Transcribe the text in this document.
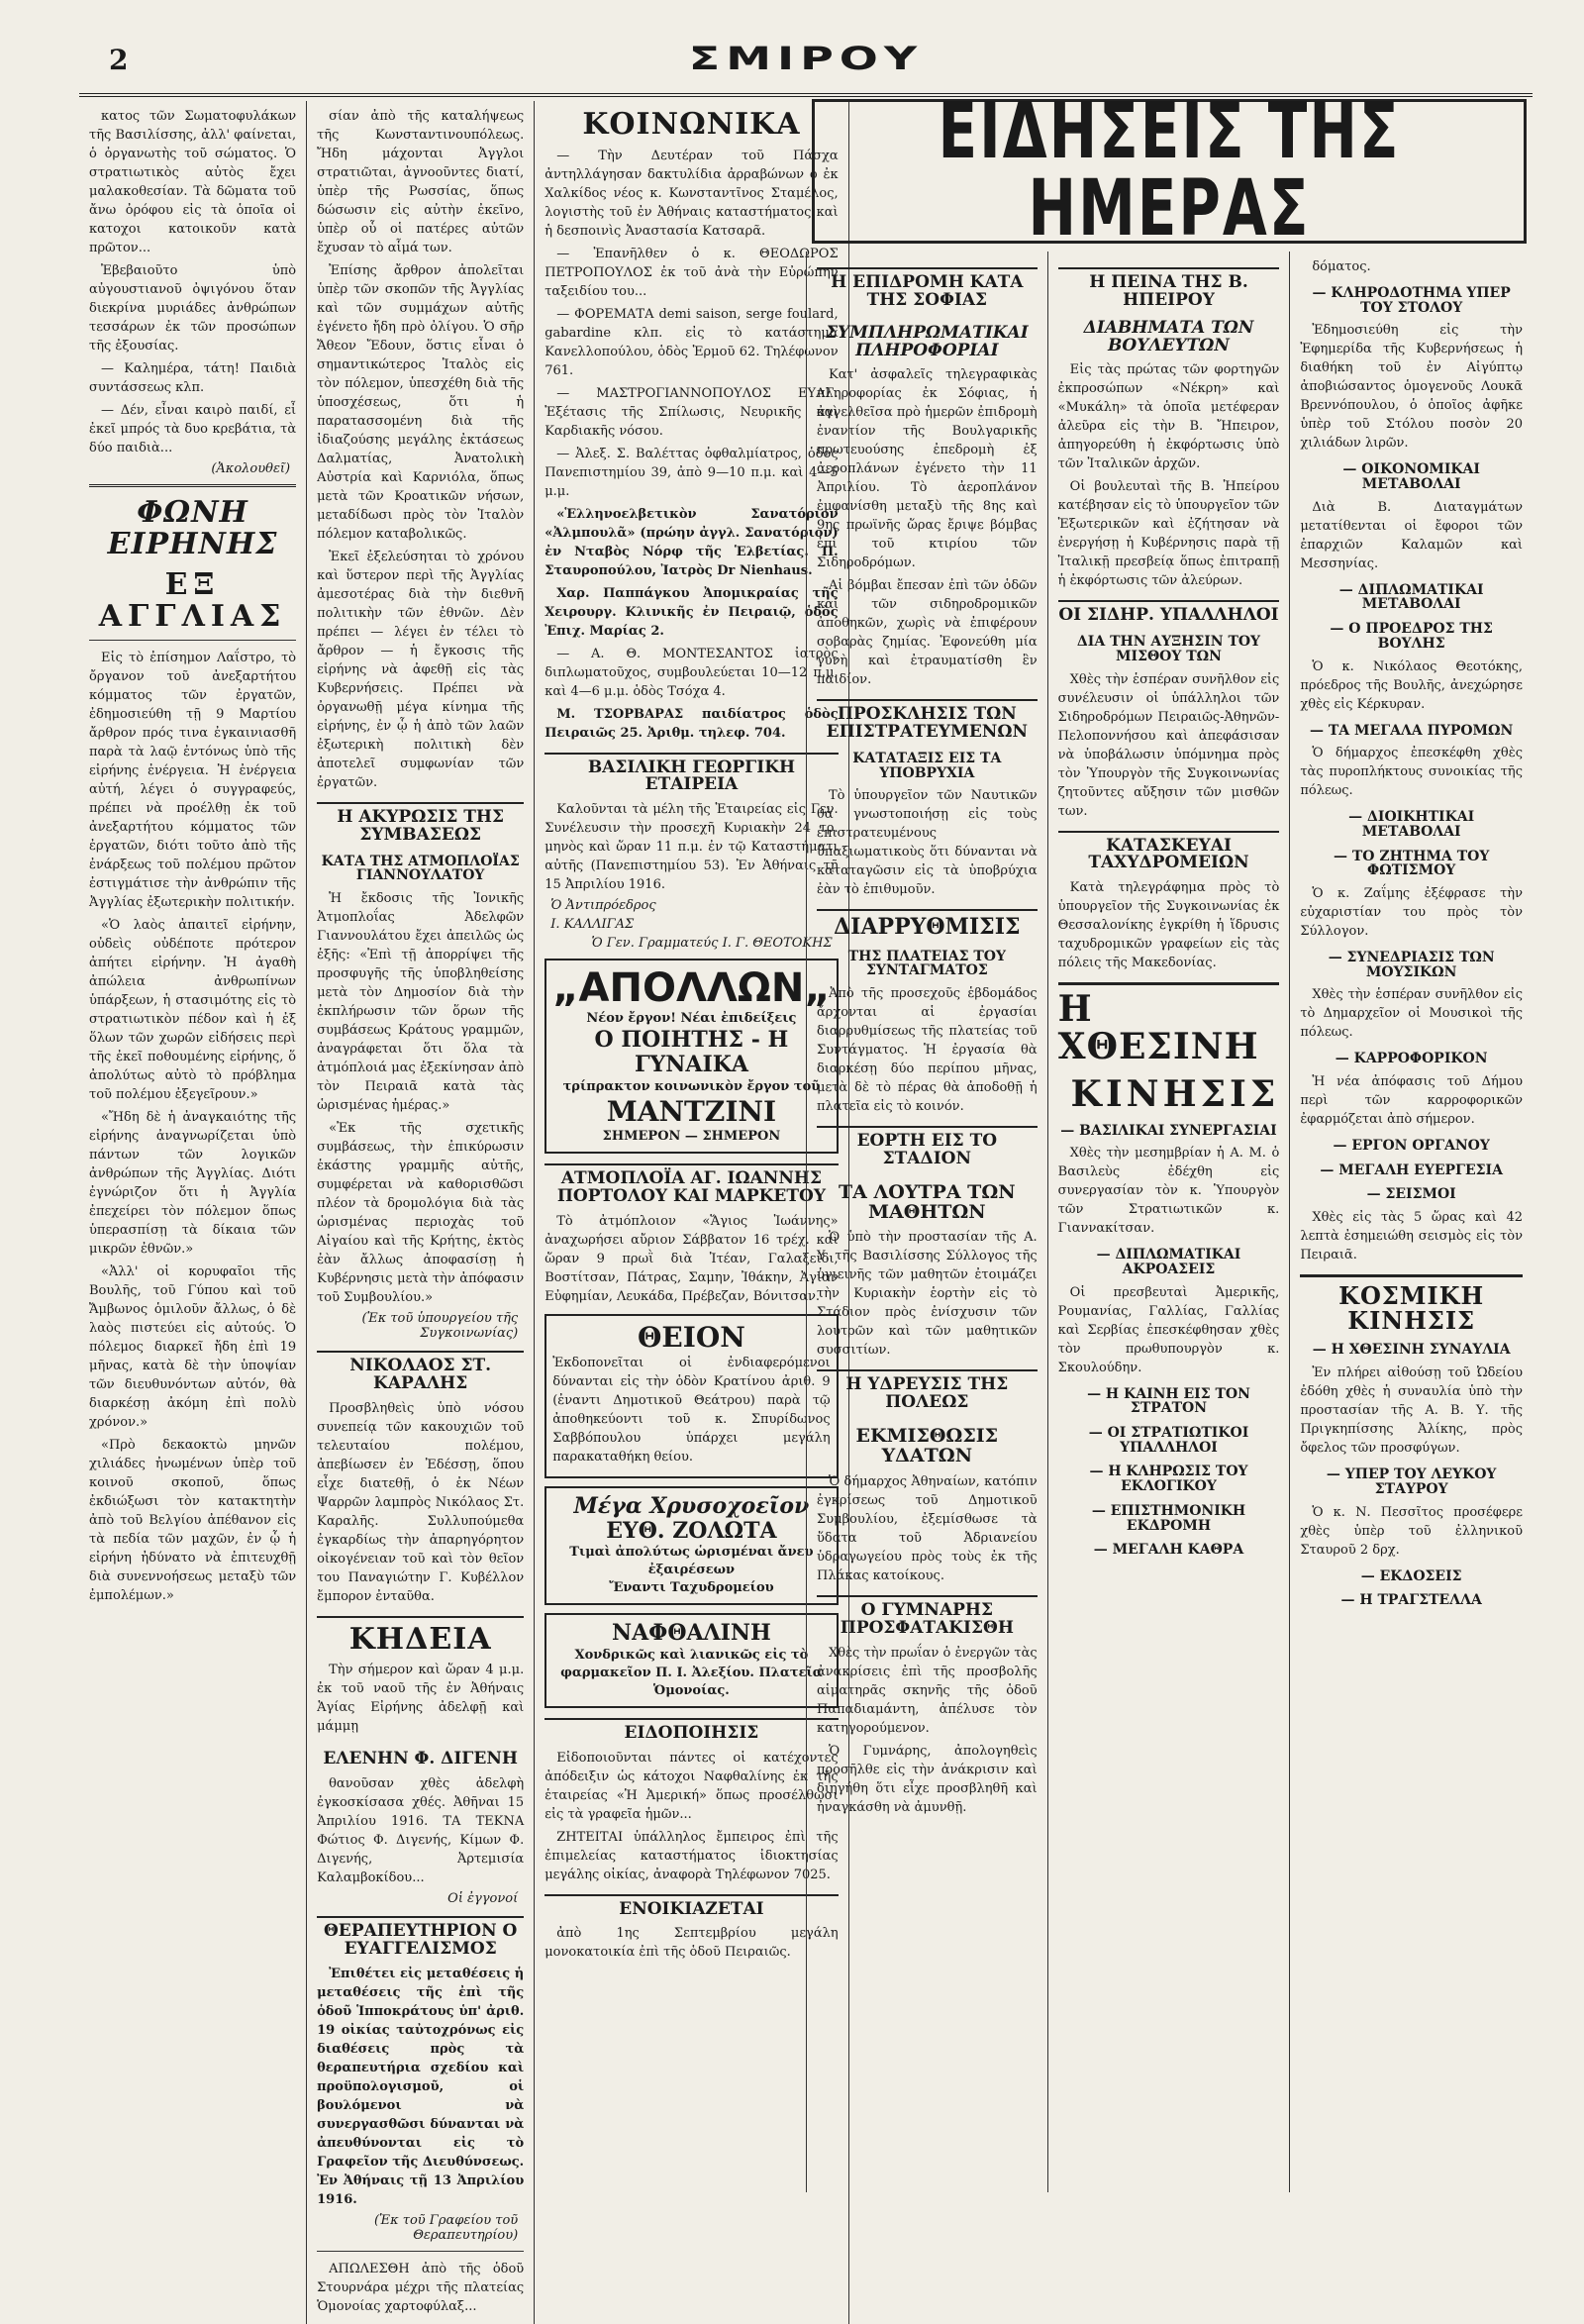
2	ΣΜΙΡΟΥ

κατος τῶν Σωματοφυλάκων τῆς Βασιλίσσης, ἀλλ' φαίνεται, ὁ ὀργανωτὴς τοῦ σώματος. Ὁ στρατιωτικὸς αὐτὸς ἔχει μαλακοθεσίαν. Τὰ δῶματα τοῦ ἄνω ὀρόφου εἰς τὰ ὁποῖα οἱ κατοχοι κατοικοῦν κατὰ πρῶτον...

Ἐβεβαιοῦτο ὑπὸ αὐγουστιανοῦ ὀψιγόνου ὅταν διεκρίνα μυριάδες ἀνθρώπων τεσσάρων ἐκ τῶν προσώπων τῆς ἐξουσίας.

— Καλημέρα, τάτη! Παιδιὰ συντάσσεως κλπ.

— Δέν, εἶναι καιρὸ παιδί, εἶ ἐκεῖ μπρός τὰ δυο κρεβάτια, τὰ δύο παιδιὰ...

(Ἀκολουθεῖ)
ΦΩΝΗ ΕΙΡΗΝΗΣ
ΕΞ ΑΓΓΛΙΑΣ

Εἰς τὸ ἐπίσημον Λαΐστρο, τὸ ὄργανον τοῦ ἀνεξαρτήτου κόμματος τῶν ἐργατῶν, ἐδημοσιεύθη τῇ 9 Μαρτίου ἄρθρον πρός τινα ἐγκαινιασθῆ παρὰ τὰ λαῷ ἐντόνως ὑπὸ τῆς εἰρήνης ἐνέργεια. Ἡ ἐνέργεια αὐτή, λέγει ὁ συγγραφεύς, πρέπει νὰ προέλθῃ ἐκ τοῦ ἀνεξαρτήτου κόμματος τῶν ἐργατῶν, διότι τοῦτο ἀπὸ τῆς ἐνάρξεως τοῦ πολέμου πρῶτον ἐστιγμάτισε τὴν ἀνθρώπιν τῆς Ἀγγλίας ἐξωτερικὴν πολιτικήν.

«Ὁ λαὸς ἀπαιτεῖ εἰρήνην, οὐδεὶς οὐδέποτε πρότερον ἀπήτει εἰρήνην. Ἡ ἀγαθὴ ἀπώλεια ἀνθρωπίνων ὑπάρξεων, ἡ στασιμότης εἰς τὸ στρατιωτικὸν πέδον καὶ ἡ ἐξ ὅλων τῶν χωρῶν εἰδήσεις περὶ τῆς ἐκεῖ ποθουμένης εἰρήνης, ὅ ἀπολύτως αὐτὸ τὸ πρόβλημα τοῦ πολέμου ἐξεγεῖρουν.»

«Ἤδη δὲ ἡ ἀναγκαιότης τῆς εἰρήνης ἀναγνωρίζεται ὑπὸ πάντων τῶν λογικῶν ἀνθρώπων τῆς Ἀγγλίας. Διότι ἐγνώριζον ὅτι ἡ Ἀγγλία ἐπεχείρει τὸν πόλεμον ὅπως ὑπερασπίσῃ τὰ δίκαια τῶν μικρῶν ἐθνῶν.»

«Ἀλλ' οἱ κορυφαῖοι τῆς Βουλῆς, τοῦ Γύπου καὶ τοῦ Ἄμβωνος ὁμιλοῦν ἄλλως, ὁ δὲ λαὸς πιστεύει εἰς αὐτούς. Ὁ πόλεμος διαρκεῖ ἤδη ἐπὶ 19 μῆνας, κατὰ δὲ τὴν ὑποψίαν τῶν διευθυνόντων αὐτόν, θὰ διαρκέσῃ ἀκόμη ἐπὶ πολὺ χρόνον.»

«Πρὸ δεκαοκτὼ μηνῶν χιλιάδες ἠνωμένων ὑπὲρ τοῦ κοινοῦ σκοποῦ, ὅπως ἐκδιώξωσι τὸν κατακτητὴν ἀπὸ τοῦ Βελγίου ἀπέθανον εἰς τὰ πεδία τῶν μαχῶν, ἐν ᾧ ἡ εἰρήνη ἠδύνατο νὰ ἐπιτευχθῇ διὰ συνεννοήσεως μεταξὺ τῶν ἐμπολέμων.»

σίαν ἀπὸ τῆς καταλήψεως τῆς Κωνσταντινουπόλεως. Ἤδη μάχονται Ἀγγλοι στρατιῶται, ἀγνοοῦντες διατί, ὑπὲρ τῆς Ρωσσίας, ὅπως δώσωσιν εἰς αὐτὴν ἐκεῖνο, ὑπὲρ οὗ οἱ πατέρες αὐτῶν ἔχυσαν τὸ αἷμά των.

Ἐπίσης ἄρθρον ἀπολεῖται ὑπὲρ τῶν σκοπῶν τῆς Ἀγγλίας καὶ τῶν συμμάχων αὐτῆς ἐγένετο ἤδη πρὸ ὀλίγου. Ὁ σῆρ Ἄθεον Ἔδουν, ὅστις εἶναι ὁ σημαντικώτερος Ἰταλὸς εἰς τὸν πόλεμον, ὑπεσχέθη διὰ τῆς ὑποσχέσεως, ὅτι ἡ παρατασσομένη διὰ τῆς ἰδιαζούσης μεγάλης ἐκτάσεως Δαλματίας, Ἀνατολικὴ Αὐστρία καὶ Καρνιόλα, ὅπως μετὰ τῶν Κροατικῶν νήσων, μεταδίδωσι πρὸς τὸν Ἰταλὸν πόλεμον καταβολικῶς.

Ἐκεῖ ἐξελεύσηται τὸ χρόνου καὶ ὕστερον περὶ τῆς Ἀγγλίας ἀμεσοτέρας διὰ τὴν διεθνῆ πολιτικὴν τῶν ἐθνῶν. Δὲν πρέπει — λέγει ἐν τέλει τὸ ἄρθρον — ἡ ἔγκοσις τῆς εἰρήνης νὰ ἀφεθῇ εἰς τὰς Κυβερνήσεις. Πρέπει νὰ ὀργανωθῇ μέγα κίνημα τῆς εἰρήνης, ἐν ᾧ ἡ ἀπὸ τῶν λαῶν ἐξωτερικὴ πολιτικὴ δὲν ἀποτελεῖ συμφωνίαν τῶν ἐργατῶν.

Η ΑΚΥΡΩΣΙΣ ΤΗΣ ΣΥΜΒΑΣΕΩΣ
ΚΑΤΑ ΤΗΣ ΑΤΜΟΠΛΟΪΑΣ ΓΙΑΝΝΟΥΛΑΤΟΥ

Ἡ ἔκδοσις τῆς Ἰονικῆς Ἀτμοπλοΐας Ἀδελφῶν Γιαννουλάτου ἔχει ἀπειλῶς ὡς ἑξῆς: «Ἐπὶ τῇ ἀπορρίψει τῆς προσφυγῆς τῆς ὑποβληθείσης μετὰ τὸν Δημοσίον διὰ τὴν ἐκπλήρωσιν τῶν ὅρων τῆς συμβάσεως Κράτους γραμμῶν, ἀναγράφεται ὅτι ὅλα τὰ ἀτμόπλοιά μας ἐξεκίνησαν ἀπὸ τὸν Πειραιᾶ κατὰ τὰς ὡρισμένας ἡμέρας.»

«Ἐκ τῆς σχετικῆς συμβάσεως, τὴν ἐπικύρωσιν ἑκάστης γραμμῆς αὐτῆς, συμφέρεται νὰ καθορισθῶσι πλέον τὰ δρομολόγια διὰ τὰς ὡρισμένας περιοχὰς τοῦ Αἰγαίου καὶ τῆς Κρήτης, ἐκτὸς ἐὰν ἄλλως ἀποφασίσῃ ἡ Κυβέρνησις μετὰ τὴν ἀπόφασιν τοῦ Συμβουλίου.»

(Ἐκ τοῦ ὑπουργείου τῆς Συγκοινωνίας)
ΝΙΚΟΛΑΟΣ ΣΤ. ΚΑΡΑΛΗΣ

Προσβληθεὶς ὑπὸ νόσου συνεπείᾳ τῶν κακουχιῶν τοῦ τελευταίου πολέμου, ἀπεβίωσεν ἐν Ἐδέσσῃ, ὅπου εἶχε διατεθῇ, ὁ ἐκ Νέων Ψαρρῶν λαμπρὸς Νικόλαος Στ. Καραλῆς. Συλλυπούμεθα ἐγκαρδίως τὴν ἀπαρηγόρητον οἰκογένειαν τοῦ καὶ τὸν θεῖον του Παναγιώτην Γ. Κυβέλλον ἔμπορον ἐνταῦθα.

ΚΗΔΕΙΑ

Τὴν σήμερον καὶ ὥραν 4 μ.μ. ἐκ τοῦ ναοῦ τῆς ἐν Ἀθήναις Ἁγίας Εἰρήνης ἀδελφῇ καὶ μάμμῃ

ΕΛΕΝΗΝ Φ. ΔΙΓΕΝΗ

θανοῦσαν χθὲς ἀδελφὴ ἐγκοσκίσασα χθές. Ἀθῆναι 15 Ἀπριλίου 1916. ΤΑ ΤΕΚΝΑ Φώτιος Φ. Διγενής, Κίμων Φ. Διγενής, Ἀρτεμισία Καλαμβοκίδου...

Οἱ ἐγγονοί
ΘΕΡΑΠΕΥΤΗΡΙΟΝ Ο ΕΥΑΓΓΕΛΙΣΜΟΣ

Ἐπιθέτει εἰς μεταθέσεις ἡ μεταθέσεις τῆς ἐπὶ τῆς ὁδοῦ Ἱπποκράτους ὑπ' ἀριθ. 19 οἰκίας ταὐτοχρόνως εἰς διαθέσεις πρὸς τὰ θεραπευτήρια σχεδίου καὶ προϋπολογισμοῦ, οἱ βουλόμενοι νὰ συνεργασθῶσι δύνανται νὰ ἀπευθύνονται εἰς τὸ Γραφεῖον τῆς Διευθύνσεως. Ἐν Ἀθήναις τῇ 13 Ἀπριλίου 1916.

(Ἐκ τοῦ Γραφείου τοῦ Θεραπευτηρίου)

ΑΠΩΛΕΣΘΗ ἀπὸ τῆς ὁδοῦ Στουρνάρα μέχρι τῆς πλατείας Ὁμονοίας χαρτοφύλαξ...

ΚΟΙΝΩΝΙΚΑ

— Τὴν Δευτέραν τοῦ Πάσχα ἀντηλλάγησαν δακτυλίδια ἀρραβώνων ὁ ἐκ Χαλκίδος νέος κ. Κωνσταντῖνος Σταμέλος, λογιστὴς τοῦ ἐν Ἀθήναις καταστήματος καὶ ἡ δεσποινὶς Ἀναστασία Κατσαρᾶ.

— Ἐπανῆλθεν ὁ κ. ΘΕΟΔΩΡΟΣ ΠΕΤΡΟΠΟΥΛΟΣ ἐκ τοῦ ἀνὰ τὴν Εὐρώπην ταξειδίου του...

— ΦΟΡΕΜΑΤΑ demi saison, serge foulard, gabardine κλπ. εἰς τὸ κατάστημα Κανελλοπούλου, ὁδὸς Ἑρμοῦ 62. Τηλέφωνον 761.

— ΜΑΣΤΡΟΓΙΑΝΝΟΠΟΥΛΟΣ ΕΥΑΓ. Ἐξέτασις τῆς Σπίλωσις, Νευρικῆς καὶ Καρδιακῆς νόσου.

— Ἀλεξ. Σ. Βαλέττας ὀφθαλμίατρος, ὁδὸς Πανεπιστημίου 39, ἀπὸ 9—10 π.μ. καὶ 4—5 μ.μ.

«Ἑλληνοελβετικὸν Σανατόριον «Ἀλμπουλᾶ» (πρώην ἀγγλ. Σανατόριον) ἐν Νταβὸς Νόρφ τῆς Ἑλβετίας. Π. Σταυροπούλου, Ἰατρὸς Dr Nienhaus.

Χαρ. Παππάγκου Ἀπομικραίας τῆς Χειρουργ. Κλινικῆς ἐν Πειραιῷ, ὁδὸς Ἐπιχ. Μαρίας 2.

— Α. Θ. ΜΟΝΤΕΣΑΝΤΟΣ ἰατρὸς διπλωματοῦχος, συμβουλεύεται 10—12 π.μ. καὶ 4—6 μ.μ. ὁδὸς Τσόχα 4.

Μ. ΤΣΟΡΒΑΡΑΣ παιδίατρος ὁδὸς Πειραιῶς 25. Ἀριθμ. τηλεφ. 704.

ΒΑΣΙΛΙΚΗ ΓΕΩΡΓΙΚΗ ΕΤΑΙΡΕΙΑ

Καλοῦνται τὰ μέλη τῆς Ἑταιρείας εἰς Γεν. Συνέλευσιν τὴν προσεχῆ Κυριακὴν 24 τρ. μηνὸς καὶ ὥραν 11 π.μ. ἐν τῷ Καταστήματι αὐτῆς (Πανεπιστημίου 53). Ἐν Ἀθήναις τῇ 15 Ἀπριλίου 1916.

Ὁ Ἀντιπρόεδρος
Ι. ΚΑΛΛΙΓΑΣ
Ὁ Γεν. Γραμματεύς Ι. Γ. ΘΕΟΤΟΚΗΣ
„ΑΠΟΛΛΩΝ„
Νέον ἔργον! Νέαι ἐπιδείξεις
Ο ΠΟΙΗΤΗΣ - Η ΓΥΝΑΙΚΑ
τρίπρακτον κοινωνικὸν ἔργον τοῦ
ΜΑΝΤΖΙΝΙ
ΣΗΜΕΡΟΝ — ΣΗΜΕΡΟΝ
ΑΤΜΟΠΛΟΪΑ ΑΓ. ΙΩΑΝΝΗΣ ΠΟΡΤΟΛΟΥ ΚΑΙ ΜΑΡΚΕΤΟΥ

Τὸ ἀτμόπλοιον «Ἅγιος Ἰωάννης» ἀναχωρήσει αὔριον Σάββατον 16 τρέχ. καὶ ὥραν 9 πρωῒ διὰ Ἰτέαν, Γαλαξείδι, Βοστίτσαν, Πάτρας, Σαμην, Ἰθάκην, Ἀγίαν Εὐφημίαν, Λευκάδα, Πρέβεζαν, Βόνιτσαν.

ΘΕΙΟΝ

Ἐκδοπονεῖται οἱ ἐνδιαφερόμενοι δύνανται εἰς τὴν ὁδὸν Κρατίνου ἀριθ. 9 (ἐναντι Δημοτικοῦ Θεάτρου) παρὰ τῷ ἀποθηκεύοντι τοῦ κ. Σπυρίδωνος Σαββόπουλου ὑπάρχει μεγάλη παρακαταθήκη θείου.

Μέγα Χρυσοχοεῖον
ΕΥΘ. ΖΟΛΩΤΑ
Τιμαὶ ἀπολύτως ὡρισμέναι ἄνευ ἐξαιρέσεων
Ἔναντι Ταχυδρομείου
ΝΑΦΘΑΛΙΝΗ
Χονδρικῶς καὶ λιανικῶς εἰς τὸ φαρμακεῖον Π. Ι. Ἀλεξίου. Πλατεῖα Ὁμονοίας.
ΕΙΔΟΠΟΙΗΣΙΣ

Εἰδοποιοῦνται πάντες οἱ κατέχοντες ἀπόδειξιν ὡς κάτοχοι Ναφθαλίνης ἐκ τῆς ἑταιρείας «Ἡ Ἀμερική» ὅπως προσέλθωσι εἰς τὰ γραφεῖα ἡμῶν...

ΖΗΤΕΙΤΑΙ ὑπάλληλος ἔμπειρος ἐπὶ τῆς ἐπιμελείας καταστήματος ἰδιοκτησίας μεγάλης οἰκίας, ἀναφορὰ Τηλέφωνον 7025.

ΕΝΟΙΚΙΑΖΕΤΑΙ

ἀπὸ 1ης Σεπτεμβρίου μεγάλη μονοκατοικία ἐπὶ τῆς ὁδοῦ Πειραιῶς.

ΕΙΔΗΣΕΙΣ ΤΗΣ ΗΜΕΡΑΣ
Η ΕΠΙΔΡΟΜΗ ΚΑΤΑ ΤΗΣ ΣΟΦΙΑΣ
ΣΥΜΠΛΗΡΩΜΑΤΙΚΑΙ ΠΛΗΡΟΦΟΡΙΑΙ

Κατ' ἀσφαλεῖς τηλεγραφικὰς πληροφορίας ἐκ Σόφιας, ἡ ἀγγελθεῖσα πρὸ ἡμερῶν ἐπιδρομὴ ἐναντίον τῆς Βουλγαρικῆς πρωτευούσης ἐπεδρομὴ ἐξ ἀεροπλάνων ἐγένετο τὴν 11 Ἀπριλίου. Τὸ ἀεροπλάνον ἐμφανίσθη μεταξὺ τῆς 8ης καὶ 9ης πρωϊνῆς ὥρας ἔριψε βόμβας ἐπὶ τοῦ κτιρίου τῶν Σιδηροδρόμων.

Αἱ βόμβαι ἔπεσαν ἐπὶ τῶν ὁδῶν καὶ τῶν σιδηροδρομικῶν ἀποθηκῶν, χωρὶς νὰ ἐπιφέρουν σοβαρὰς ζημίας. Ἐφονεύθη μία γυνὴ καὶ ἐτραυματίσθη ἓν παιδίον.

ΠΡΟΣΚΛΗΣΙΣ ΤΩΝ ΕΠΙΣΤΡΑΤΕΥΜΕΝΩΝ
ΚΑΤΑΤΑΞΙΣ ΕΙΣ ΤΑ ΥΠΟΒΡΥΧΙΑ

Τὸ ὑπουργεῖον τῶν Ναυτικῶν θὰ γνωστοποιήσῃ εἰς τοὺς ἐπιστρατευμένους ὑπαξιωματικοὺς ὅτι δύνανται νὰ καταταγῶσιν εἰς τὰ ὑποβρύχια ἐὰν τὸ ἐπιθυμοῦν.

ΔΙΑΡΡΥΘΜΙΣΙΣ
ΤΗΣ ΠΛΑΤΕΙΑΣ ΤΟΥ ΣΥΝΤΑΓΜΑΤΟΣ

Ἀπὸ τῆς προσεχοῦς ἑβδομάδος ἄρχονται αἱ ἐργασίαι διαρρυθμίσεως τῆς πλατείας τοῦ Συντάγματος. Ἡ ἐργασία θὰ διαρκέσῃ δύο περίπου μῆνας, μετὰ δὲ τὸ πέρας θὰ ἀποδοθῇ ἡ πλατεῖα εἰς τὸ κοινόν.

ΕΟΡΤΗ ΕΙΣ ΤΟ ΣΤΑΔΙΟΝ
ΤΑ ΛΟΥΤΡΑ ΤΩΝ ΜΑΘΗΤΩΝ

Ὁ ὑπὸ τὴν προστασίαν τῆς Α. Υ. τῆς Βασιλίσσης Σύλλογος τῆς ὑγιεινῆς τῶν μαθητῶν ἐτοιμάζει τὴν Κυριακὴν ἑορτὴν εἰς τὸ Στάδιον πρὸς ἐνίσχυσιν τῶν λουτρῶν καὶ τῶν μαθητικῶν συσσιτίων.

Η ΥΔΡΕΥΣΙΣ ΤΗΣ ΠΟΛΕΩΣ
ΕΚΜΙΣΘΩΣΙΣ ΥΔΑΤΩΝ

Ὁ δήμαρχος Ἀθηναίων, κατόπιν ἐγκρίσεως τοῦ Δημοτικοῦ Συμβουλίου, ἐξεμίσθωσε τὰ ὕδατα τοῦ Ἀδριανείου ὑδραγωγείου πρὸς τοὺς ἐκ τῆς Πλάκας κατοίκους.

Ο ΓΥΜΝΑΡΗΣ ΠΡΟΣΦΑΤΑΚΙΣΘΗ

Χθὲς τὴν πρωΐαν ὁ ἐνεργῶν τὰς ἀνακρίσεις ἐπὶ τῆς προσβολῆς αἱματηρᾶς σκηνῆς τῆς ὁδοῦ Παπαδιαμάντη, ἀπέλυσε τὸν κατηγορούμενον.

Ὁ Γυμνάρης, ἀπολογηθεὶς προσῆλθε εἰς τὴν ἀνάκρισιν καὶ διηγήθη ὅτι εἶχε προσβληθῆ καὶ ἠναγκάσθη νὰ ἀμυνθῇ.

Η ΠΕΙΝΑ ΤΗΣ Β. ΗΠΕΙΡΟΥ
ΔΙΑΒΗΜΑΤΑ ΤΩΝ ΒΟΥΛΕΥΤΩΝ

Εἰς τὰς πρώτας τῶν φορτηγῶν ἐκπροσώπων «Νέκρη» καὶ «Μυκάλη» τὰ ὁποῖα μετέφεραν ἀλεῦρα εἰς τὴν Β. Ἤπειρον, ἀπηγορεύθη ἡ ἐκφόρτωσις ὑπὸ τῶν Ἰταλικῶν ἀρχῶν.

Οἱ βουλευταὶ τῆς Β. Ἠπείρου κατέβησαν εἰς τὸ ὑπουργεῖον τῶν Ἐξωτερικῶν καὶ ἐζήτησαν νὰ ἐνεργήσῃ ἡ Κυβέρνησις παρὰ τῇ Ἰταλικῇ πρεσβείᾳ ὅπως ἐπιτραπῇ ἡ ἐκφόρτωσις τῶν ἀλεύρων.

ΟΙ ΣΙΔΗΡ. ΥΠΑΛΛΗΛΟΙ
ΔΙΑ ΤΗΝ ΑΥΞΗΣΙΝ ΤΟΥ ΜΙΣΘΟΥ ΤΩΝ

Χθὲς τὴν ἑσπέραν συνῆλθον εἰς συνέλευσιν οἱ ὑπάλληλοι τῶν Σιδηροδρόμων Πειραιῶς-Ἀθηνῶν-Πελοποννήσου καὶ ἀπεφάσισαν νὰ ὑποβάλωσιν ὑπόμνημα πρὸς τὸν Ὑπουργὸν τῆς Συγκοινωνίας ζητοῦντες αὔξησιν τῶν μισθῶν των.

ΚΑΤΑΣΚΕΥΑΙ ΤΑΧΥΔΡΟΜΕΙΩΝ

Κατὰ τηλεγράφημα πρὸς τὸ ὑπουργεῖον τῆς Συγκοινωνίας ἐκ Θεσσαλονίκης ἐγκρίθη ἡ ἵδρυσις ταχυδρομικῶν γραφείων εἰς τὰς πόλεις τῆς Μακεδονίας.

Η ΧΘΕΣΙΝΗ
ΚΙΝΗΣΙΣ
— ΒΑΣΙΛΙΚΑΙ ΣΥΝΕΡΓΑΣΙΑΙ

Χθὲς τὴν μεσημβρίαν ἡ Α. Μ. ὁ Βασιλεὺς ἐδέχθη εἰς συνεργασίαν τὸν κ. Ὑπουργὸν τῶν Στρατιωτικῶν κ. Γιαννακίτσαν.

— ΔΙΠΛΩΜΑΤΙΚΑΙ ΑΚΡΟΑΣΕΙΣ

Οἱ πρεσβευταὶ Ἀμερικῆς, Ρουμανίας, Γαλλίας, Γαλλίας καὶ Σερβίας ἐπεσκέφθησαν χθὲς τὸν πρωθυπουργὸν κ. Σκουλούδην.

— Η ΚΑΙΝΗ ΕΙΣ ΤΟΝ ΣΤΡΑΤΟΝ
— ΟΙ ΣΤΡΑΤΙΩΤΙΚΟΙ ΥΠΑΛΛΗΛΟΙ
— Η ΚΛΗΡΩΣΙΣ ΤΟΥ ΕΚΛΟΓΙΚΟΥ
— ΕΠΙΣΤΗΜΟΝΙΚΗ ΕΚΔΡΟΜΗ
— ΜΕΓΑΛΗ ΚΑΘΡΑ

δόματος.

— ΚΛΗΡΟΔΟΤΗΜΑ ΥΠΕΡ ΤΟΥ ΣΤΟΛΟΥ

Ἐδημοσιεύθη εἰς τὴν Ἐφημερίδα τῆς Κυβερνήσεως ἡ διαθήκη τοῦ ἐν Αἰγύπτῳ ἀποβιώσαντος ὁμογενοῦς Λουκᾶ Βρεννόπουλου, ὁ ὁποῖος ἀφῆκε ὑπὲρ τοῦ Στόλου ποσὸν 20 χιλιάδων λιρῶν.

— ΟΙΚΟΝΟΜΙΚΑΙ ΜΕΤΑΒΟΛΑΙ

Διὰ Β. Διαταγμάτων μετατίθενται οἱ ἔφοροι τῶν ἐπαρχιῶν Καλαμῶν καὶ Μεσσηνίας.

— ΔΙΠΛΩΜΑΤΙΚΑΙ ΜΕΤΑΒΟΛΑΙ
— Ο ΠΡΟΕΔΡΟΣ ΤΗΣ ΒΟΥΛΗΣ

Ὁ κ. Νικόλαος Θεοτόκης, πρόεδρος τῆς Βουλῆς, ἀνεχώρησε χθὲς εἰς Κέρκυραν.

— ΤΑ ΜΕΓΑΛΑ ΠΥΡΟΜΩΝ

Ὁ δήμαρχος ἐπεσκέφθη χθὲς τὰς πυροπλήκτους συνοικίας τῆς πόλεως.

— ΔΙΟΙΚΗΤΙΚΑΙ ΜΕΤΑΒΟΛΑΙ
— ΤΟ ΖΗΤΗΜΑ ΤΟΥ ΦΩΤΙΣΜΟΥ

Ὁ κ. Ζαΐμης ἐξέφρασε τὴν εὐχαριστίαν του πρὸς τὸν Σύλλογον.

— ΣΥΝΕΔΡΙΑΣΙΣ ΤΩΝ ΜΟΥΣΙΚΩΝ

Χθὲς τὴν ἑσπέραν συνῆλθον εἰς τὸ Δημαρχεῖον οἱ Μουσικοὶ τῆς πόλεως.

— ΚΑΡΡΟΦΟΡΙΚΟΝ

Ἡ νέα ἀπόφασις τοῦ Δήμου περὶ τῶν καρροφορικῶν ἐφαρμόζεται ἀπὸ σήμερον.

— ΕΡΓΟΝ ΟΡΓΑΝΟΥ
— ΜΕΓΑΛΗ ΕΥΕΡΓΕΣΙΑ
— ΣΕΙΣΜΟΙ

Χθὲς εἰς τὰς 5 ὥρας καὶ 42 λεπτὰ ἐσημειώθη σεισμὸς εἰς τὸν Πειραιᾶ.

ΚΟΣΜΙΚΗ ΚΙΝΗΣΙΣ
— Η ΧΘΕΣΙΝΗ ΣΥΝΑΥΛΙΑ

Ἐν πλήρει αἰθούσῃ τοῦ Ὠδείου ἐδόθη χθὲς ἡ συναυλία ὑπὸ τὴν προστασίαν τῆς Α. Β. Υ. τῆς Πριγκηπίσσης Ἀλίκης, πρὸς ὄφελος τῶν προσφύγων.

— ΥΠΕΡ ΤΟΥ ΛΕΥΚΟΥ ΣΤΑΥΡΟΥ

Ὁ κ. Ν. Πεσσῖτος προσέφερε χθὲς ὑπὲρ τοῦ ἐλληνικοῦ Σταυροῦ 2 δρχ.

— ΕΚΔΟΣΕΙΣ
— Η ΤΡΑΓΣΤΕΛΛΑ
